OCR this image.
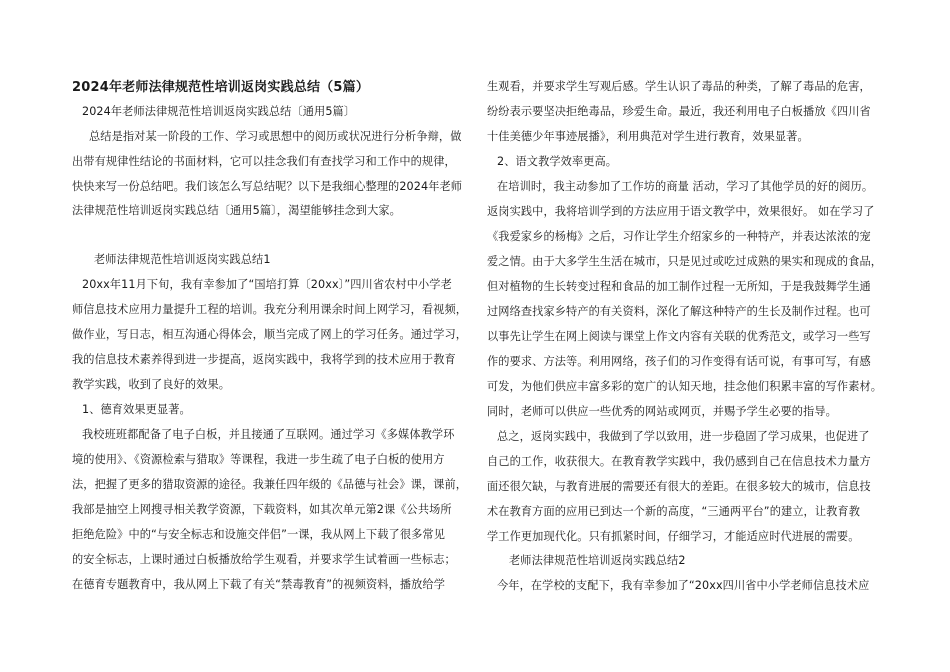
2024年老师法律规范性培训返岗实践总结（5篇）
2024年老师法律规范性培训返岗实践总结〔通用5篇〕
总结是指对某一阶段的工作、学习或思想中的阅历或状况进行分析争辩，做
出带有规律性结论的书面材料，它可以挂念我们有查找学习和工作中的规律，
快快来写一份总结吧。我们该怎么写总结呢？以下是我细心整理的2024年老师
法律规范性培训返岗实践总结〔通用5篇〕，渴望能够挂念到大家。
老师法律规范性培训返岗实践总结1
20xx年11月下旬，我有幸参加了“国培打算〔20xx〕”四川省农村中小学老
师信息技术应用力量提升工程的培训。我充分利用课余时间上网学习，看视频，
做作业，写日志，相互沟通心得体会，顺当完成了网上的学习任务。通过学习，
我的信息技术素养得到进一步提高，返岗实践中，我将学到的技术应用于教育
教学实践，收到了良好的效果。
1、德育效果更显著。
我校班班都配备了电子白板，并且接通了互联网。通过学习《多媒体教学环
境的使用》、《资源检索与猎取》等课程，我进一步生疏了电子白板的使用方
法，把握了更多的猎取资源的途径。我兼任四年级的《品德与社会》课，课前，
我部是抽空上网搜寻相关教学资源，下载资料，如其次单元第2课《公共场所
拒绝危险》中的“与安全标志和设施交伴侣”一课，我从网上下载了很多常见
的安全标志，上课时通过白板播放给学生观看，并要求学生试着画一些标志；
在德育专题教育中，我从网上下载了有关“禁毒教育”的视频资料，播放给学
生观看，并要求学生写观后感。学生认识了毒品的种类，了解了毒品的危害，
纷纷表示要坚决拒绝毒品，珍爱生命。最近，我还利用电子白板播放《四川省
十佳美德少年事迹展播》，利用典范对学生进行教育，效果显著。
2、语文教学效率更高。
在培训时，我主动参加了工作坊的商量 活动，学习了其他学员的好的阅历。
返岗实践中，我将培训学到的方法应用于语文教学中，效果很好。 如在学习了
《我爱家乡的杨梅》之后，习作让学生介绍家乡的一种特产，并表达浓浓的宠
爱之情。由于大多学生生活在城市，只是见过或吃过成熟的果实和现成的食品，
但对植物的生长转变过程和食品的加工制作过程一无所知，于是我鼓舞学生通
过网络查找家乡特产的有关资料，深化了解这种特产的生长及制作过程。也可
以事先让学生在网上阅读与课堂上作文内容有关联的优秀范文，或学习一些写
作的要求、方法等。利用网络，孩子们的习作变得有话可说，有事可写，有感
可发，为他们供应丰富多彩的宽广的认知天地，挂念他们积累丰富的写作素材。
同时，老师可以供应一些优秀的网站或网页，并赐予学生必要的指导。
总之，返岗实践中，我做到了学以致用，进一步稳固了学习成果，也促进了
自己的工作，收获很大。在教育教学实践中，我仍感到自己在信息技术力量方
面还很欠缺，与教育进展的需要还有很大的差距。在很多较大的城市，信息技
术在教育方面的应用已到达一个新的高度，“三通两平台”的建立，让教育教
学工作更加现代化。只有抓紧时间，仔细学习，才能适应时代进展的需要。
老师法律规范性培训返岗实践总结2
今年，在学校的支配下，我有幸参加了“20xx四川省中小学老师信息技术应
